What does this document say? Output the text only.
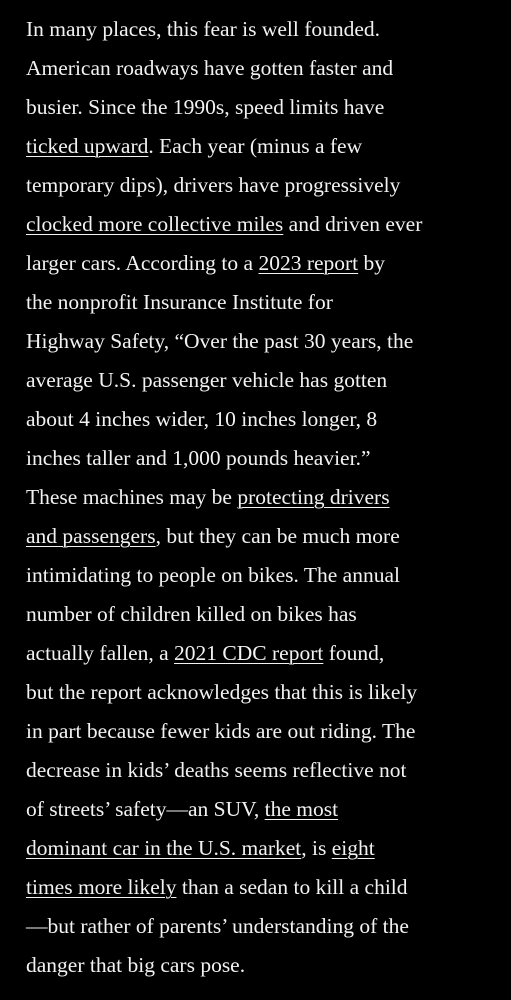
In many places, this fear is well founded.
American roadways have gotten faster and
busier. Since the 1990s, speed limits have
ticked upward. Each year (minus a few
temporary dips), drivers have progressively
clocked more collective miles and driven ever
larger cars. According to a 2023 report by
the nonprofit Insurance Institute for
Highway Safety, “Over the past 30 years, the
average U.S. passenger vehicle has gotten
about 4 inches wider, 10 inches longer, 8
inches taller and 1,000 pounds heavier.”
These machines may be protecting drivers
and passengers, but they can be much more
intimidating to people on bikes. The annual
number of children killed on bikes has
actually fallen, a 2021 CDC report found,
but the report acknowledges that this is likely
in part because fewer kids are out riding. The
decrease in kids’ deaths seems reflective not
of streets’ safety—an SUV, the most
dominant car in the U.S. market, is eight
times more likely than a sedan to kill a child
—but rather of parents’ understanding of the
danger that big cars pose.
